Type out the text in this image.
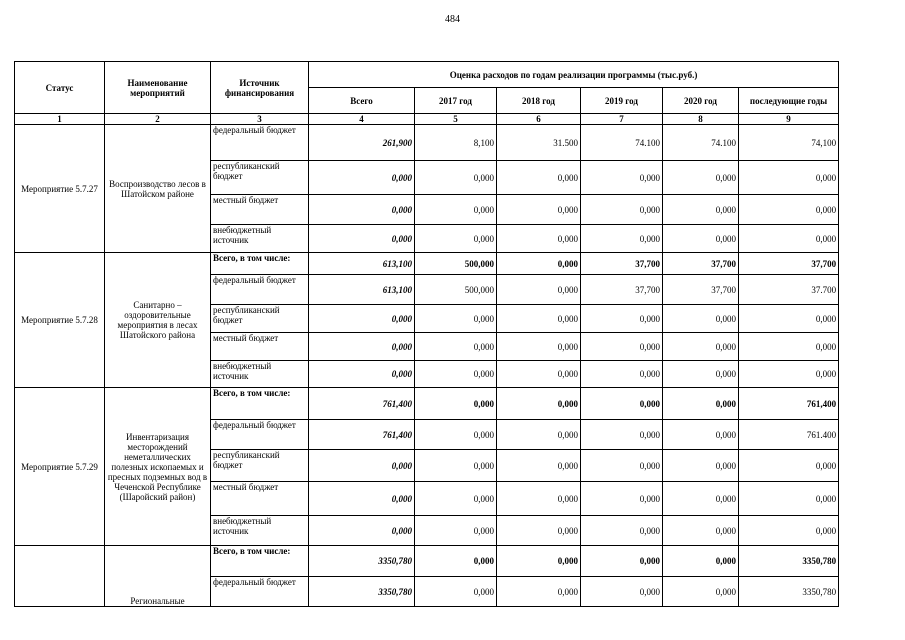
484
Статус	Наименование мероприятий	Источник финансирования	Оценка расходов по годам реализации программы (тыс.руб.)					
			Всего	2017 год	2018 год	2019 год	2020 год	последующие годы
1	2	3	4	5	6	7	8	9
Мероприятие 5.7.27	Воспроизводство лесов в Шатойском районе	федеральный бюджет	261,900	8,100	31.500	74.100	74.100	74,100
		республиканский бюджет	0,000	0,000	0,000	0,000	0,000	0,000
		местный бюджет	0,000	0,000	0,000	0,000	0,000	0,000
		внебюджетный источник	0,000	0,000	0,000	0,000	0,000	0,000
Мероприятие 5.7.28	Санитарно – оздоровительные мероприятия в лесах Шатойского района	Всего, в том числе:	613,100	500,000	0,000	37,700	37,700	37,700
		федеральный бюджет	613,100	500,000	0,000	37,700	37,700	37.700
		республиканский бюджет	0,000	0,000	0,000	0,000	0,000	0,000
		местный бюджет	0,000	0,000	0,000	0,000	0,000	0,000
		внебюджетный источник	0,000	0,000	0,000	0,000	0,000	0,000
Мероприятие 5.7.29	Инвентаризация месторождений неметаллических полезных ископаемых и пресных подземных вод в Чеченской Республике (Шаройский район)	Всего, в том числе:	761,400	0,000	0,000	0,000	0,000	761,400
		федеральный бюджет	761,400	0,000	0,000	0,000	0,000	761.400
		республиканский бюджет	0,000	0,000	0,000	0,000	0,000	0,000
		местный бюджет	0,000	0,000	0,000	0,000	0,000	0,000
		внебюджетный источник	0,000	0,000	0,000	0,000	0,000	0,000
	Региональные	Всего, в том числе:	3350,780	0,000	0,000	0,000	0,000	3350,780
		федеральный бюджет	3350,780	0,000	0,000	0,000	0,000	3350,780
